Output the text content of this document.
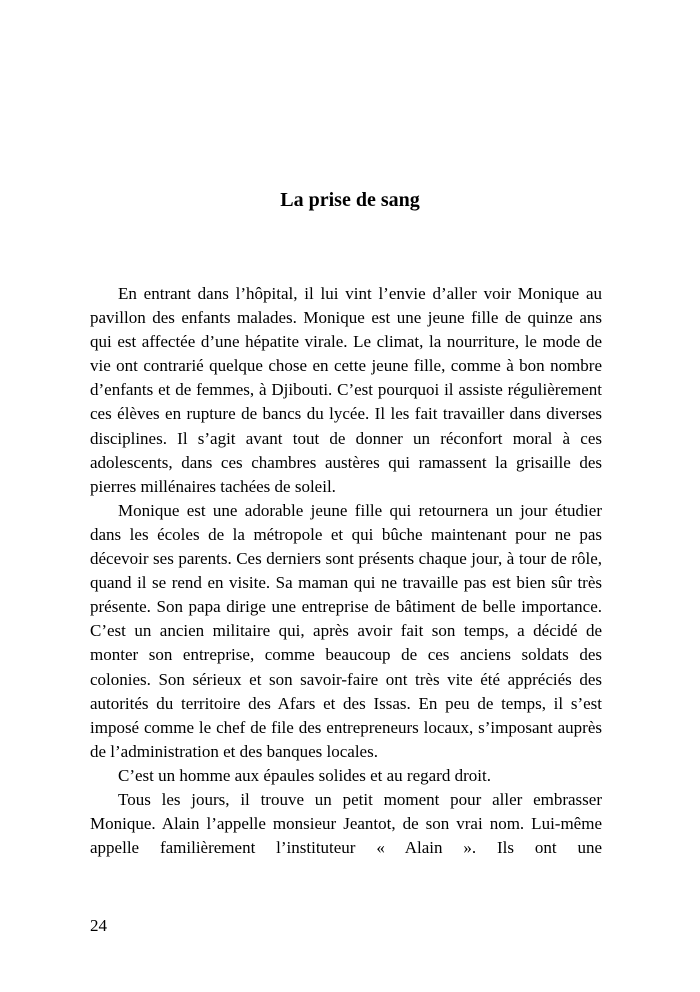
La prise de sang

En entrant dans l’hôpital, il lui vint l’envie d’aller voir Monique au pavillon des enfants malades. Monique est une jeune fille de quinze ans qui est affectée d’une hépatite virale. Le climat, la nourriture, le mode de vie ont contrarié quelque chose en cette jeune fille, comme à bon nombre d’enfants et de femmes, à Djibouti. C’est pourquoi il assiste régulièrement ces élèves en rupture de bancs du lycée. Il les fait travailler dans diverses disciplines. Il s’agit avant tout de donner un réconfort moral à ces adolescents, dans ces chambres austères qui ramassent la grisaille des pierres millénaires tachées de soleil.

Monique est une adorable jeune fille qui retournera un jour étudier dans les écoles de la métropole et qui bûche maintenant pour ne pas décevoir ses parents. Ces derniers sont présents chaque jour, à tour de rôle, quand il se rend en visite. Sa maman qui ne travaille pas est bien sûr très présente. Son papa dirige une entreprise de bâtiment de belle importance. C’est un ancien militaire qui, après avoir fait son temps, a décidé de monter son entreprise, comme beaucoup de ces anciens soldats des colonies. Son sérieux et son savoir-faire ont très vite été appréciés des autorités du territoire des Afars et des Issas. En peu de temps, il s’est imposé comme le chef de file des entrepreneurs locaux, s’imposant auprès de l’administration et des banques locales.

C’est un homme aux épaules solides et au regard droit.

Tous les jours, il trouve un petit moment pour aller embrasser Monique. Alain l’appelle monsieur Jeantot, de son vrai nom. Lui-même appelle familièrement l’instituteur « Alain ». Ils ont une

24
